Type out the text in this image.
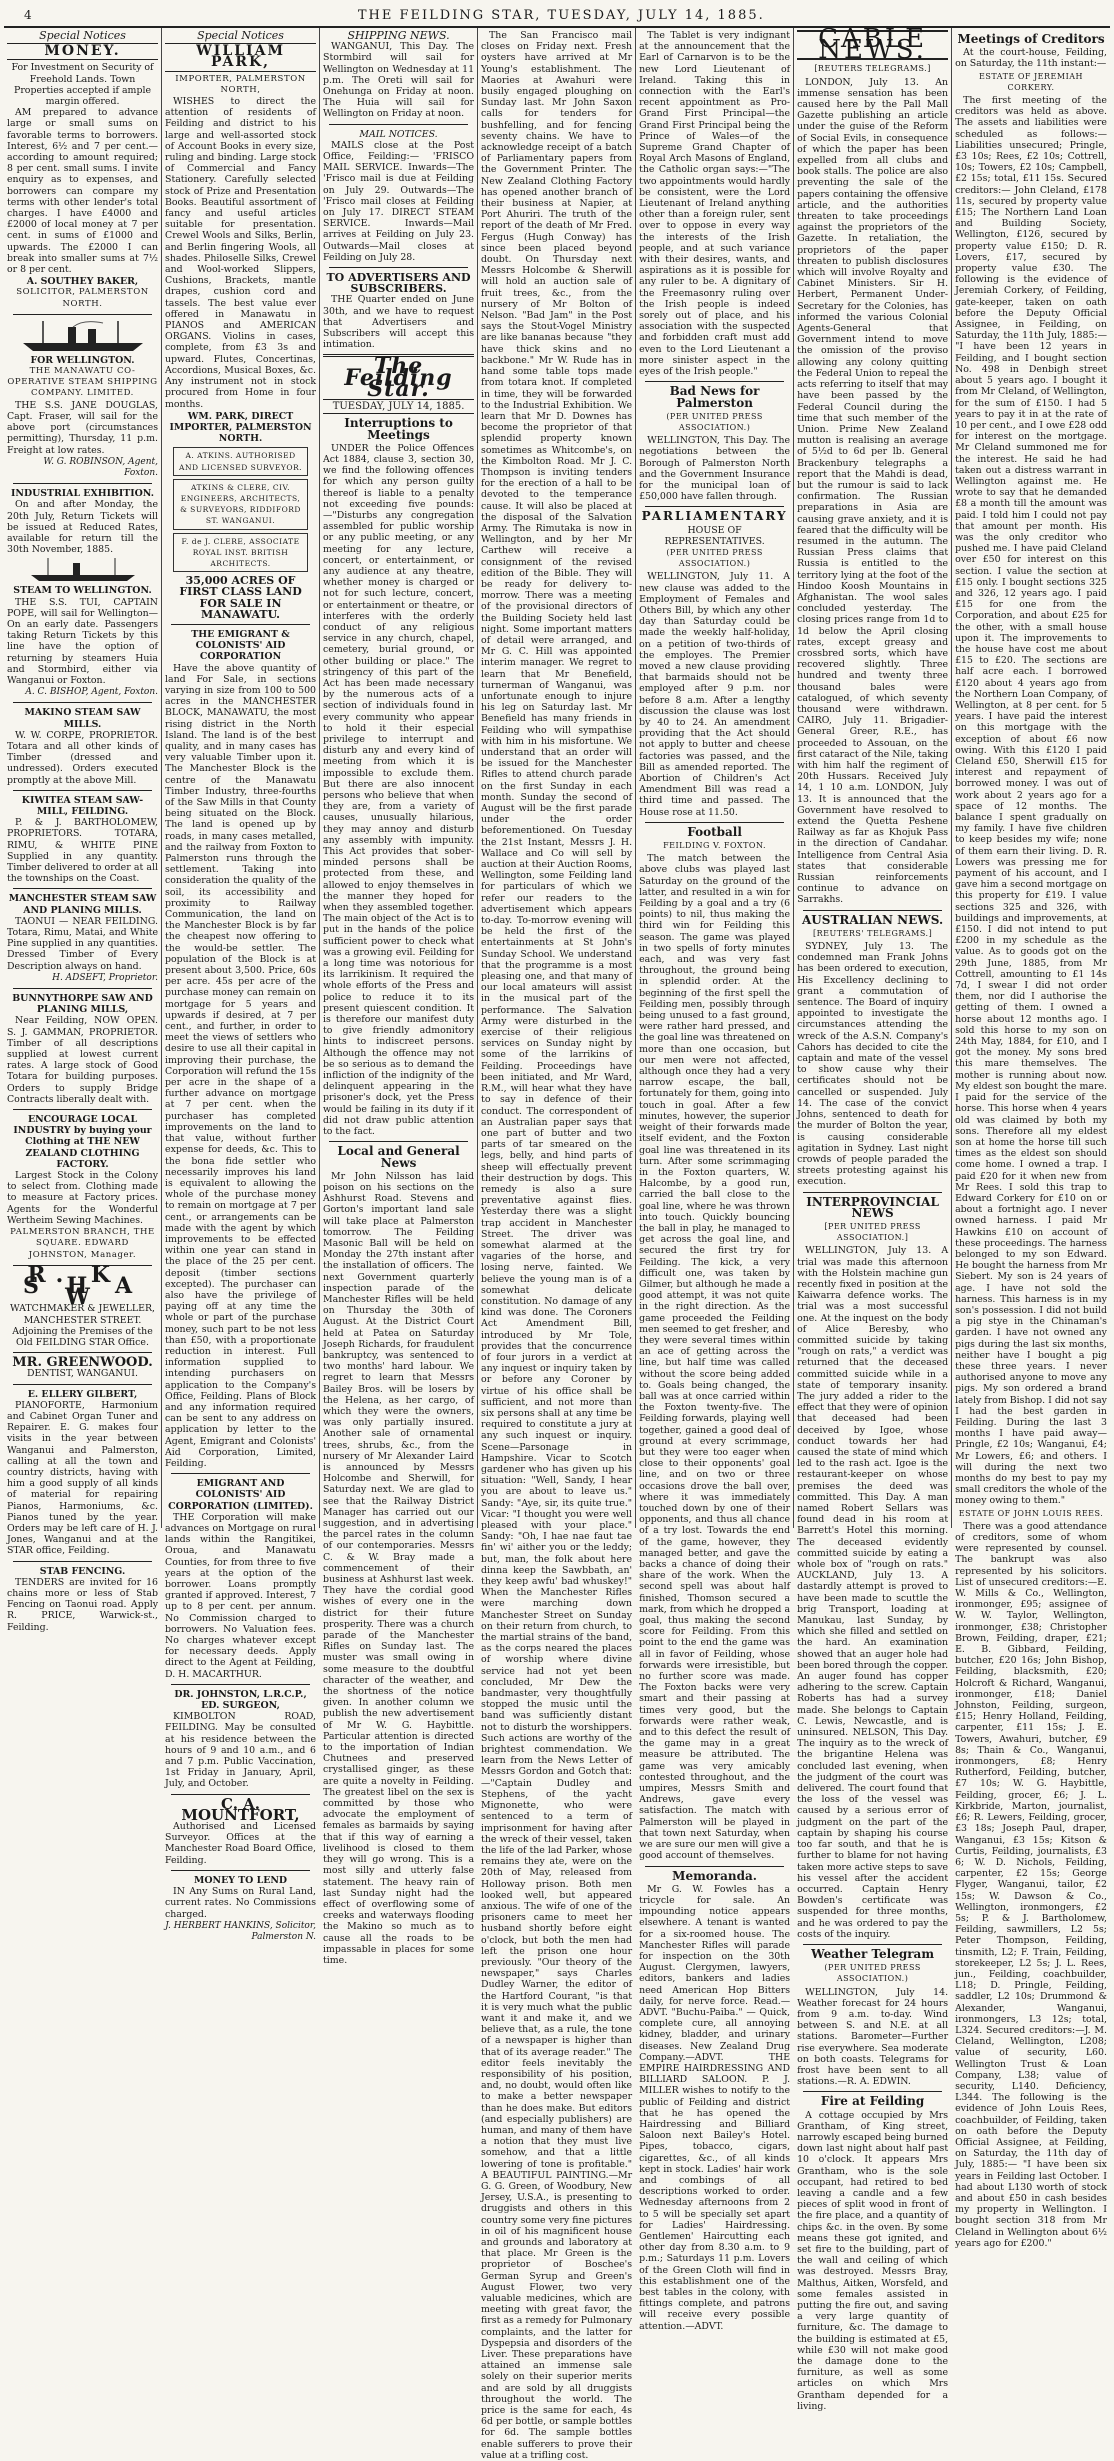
4	THE FEILDING STAR, TUESDAY, JULY 14, 1885.
Special Notices
MONEY.
For Investment on Security of Freehold Lands. Town Properties accepted if ample margin offered.
AM prepared to advance large or small sums on favorable terms to borrowers. Interest, 6½ and 7 per cent.—according to amount required; 8 per cent. small sums. I invite enquiry as to expenses, and borrowers can compare my terms with other lender's total charges. I have £4000 and £2000 of local money at 7 per cent. in sums of £1000 and upwards. The £2000 I can break into smaller sums at 7½ or 8 per cent.
A. SOUTHEY BAKER,
SOLICITOR, PALMERSTON NORTH.
FOR WELLINGTON.
THE MANAWATU CO-OPERATIVE STEAM SHIPPING COMPANY. LIMITED.
THE S.S. JANE DOUGLAS, Capt. Fraser, will sail for the above port (circumstances permitting), Thursday, 11 p.m. Freight at low rates.
W. G. ROBINSON, Agent, Foxton.
INDUSTRIAL EXHIBITION.
On and after Monday, the 20th July, Return Tickets will be issued at Reduced Rates, available for return till the 30th November, 1885.
STEAM TO WELLINGTON.
THE S.S. TUI, CAPTAIN POPE, will sail for Wellington— On an early date. Passengers taking Return Tickets by this line have the option of returning by steamers Huia and Stormbird, either via Wanganui or Foxton.
A. C. BISHOP, Agent, Foxton.
MAKINO STEAM SAW MILLS.
W. W. CORPE, PROPRIETOR. Totara and all other kinds of Timber (dressed and undressed). Orders executed promptly at the above Mill.
KIWITEA STEAM SAW-MILL, FEILDING.
P. & J. BARTHOLOMEW, PROPRIETORS. TOTARA, RIMU, & WHITE PINE Supplied in any quantity. Timber delivered to order at all the townships on the Coast.
MANCHESTER STEAM SAW AND PLANING MILLS.
TAONUI — NEAR FEILDING. Totara, Rimu, Matai, and White Pine supplied in any quantities. Dressed Timber of Every Description always on hand.
H. ADSEFT, Proprietor.
BUNNYTHORPE SAW AND PLANING MILLS,
Near Feilding, NOW OPEN. S. J. GAMMAN, PROPRIETOR. Timber of all descriptions supplied at lowest current rates. A large stock of Good Totara for building purposes. Orders to supply Bridge Contracts liberally dealt with.
ENCOURAGE LOCAL INDUSTRY by buying your Clothing at THE NEW ZEALAND CLOTHING FACTORY.
Largest Stock in the Colony to select from. Clothing made to measure at Factory prices. Agents for the Wonderful Wertheim Sewing Machines.
PALMERSTON BRANCH, THE SQUARE. EDWARD JOHNSTON, Manager.
R. K. S H A W
WATCHMAKER & JEWELLER, MANCHESTER STREET. Adjoining the Premises of the Old FEILDING STAR Office.
MR. GREENWOOD.
DENTIST, WANGANUI.
E. ELLERY GILBERT,
PIANOFORTE, Harmonium and Cabinet Organ Tuner and Repairer. E. G. makes four visits in the year between Wanganui and Palmerston, calling at all the town and country districts, having with him a good supply of all kinds of material for repairing Pianos, Harmoniums, &c. Pianos tuned by the year. Orders may be left care of H. J. Jones, Wanganui and at the STAR office, Feilding.
STAB FENCING.
TENDERS are invited for 16 chains more or less of Stab Fencing on Taonui road. Apply R. PRICE, Warwick-st., Feilding.
Special Notices
WILLIAM PARK,
IMPORTER, PALMERSTON NORTH,
WISHES to direct the attention of residents of Feilding and district to his large and well-assorted stock of Account Books in every size, ruling and binding. Large stock of Commercial and Fancy Stationery. Carefully selected stock of Prize and Presentation Books. Beautiful assortment of fancy and useful articles suitable for presentation. Crewel Wools and Silks, Berlin, and Berlin fingering Wools, all shades. Philoselle Silks, Crewel and Wool-worked Slippers, Cushions, Brackets, mantle drapes, cushion cord and tassels. The best value ever offered in Manawatu in PIANOS and AMERICAN ORGANS. Violins in cases, complete, from £3 3s and upward. Flutes, Concertinas, Accordions, Musical Boxes, &c. Any instrument not in stock procured from Home in four months.
WM. PARK, DIRECT IMPORTER, PALMERSTON NORTH.
A. ATKINS. AUTHORISED AND LICENSED SURVEYOR.
ATKINS & CLERE, CIV. ENGINEERS, ARCHITECTS, & SURVEYORS, RIDDIFORD ST. WANGANUI.
F. de J. CLERE, ASSOCIATE ROYAL INST. BRITISH ARCHITECTS.
35,000 ACRES OF FIRST CLASS LAND FOR SALE IN MANAWATU.
THE EMIGRANT & COLONISTS' AID CORPORATION
Have the above quantity of land For Sale, in sections varying in size from 100 to 500 acres in the MANCHESTER BLOCK, MANAWATU, the most rising district in the North Island. The land is of the best quality, and in many cases has very valuable Timber upon it. The Manchester Block is the centre of the Manawatu Timber Industry, three-fourths of the Saw Mills in that County being situated on the Block. The land is opened up by roads, in many cases metalled, and the railway from Foxton to Palmerston runs through the settlement. Taking into consideration the quality of the soil, its accessibility and proximity to Railway Communication, the land on the Manchester Block is by far the cheapest now offering to the would-be settler. The population of the Block is at present about 3,500. Price, 60s per acre. 45s per acre of the purchase money can remain on mortgage for 5 years and upwards if desired, at 7 per cent., and further, in order to meet the views of settlers who desire to use all their capital in improving their purchase, the Corporation will refund the 15s per acre in the shape of a further advance on mortgage at 7 per cent. when the purchaser has completed improvements on the land to that value, without further expense for deeds, &c. This to the bona fide settler who necessarily improves his land is equivalent to allowing the whole of the purchase money to remain on mortgage at 7 per cent., or arrangements can be made with the agent by which improvements to be effected within one year can stand in the place of the 25 per cent. deposit (timber sections excepted). The purchaser can also have the privilege of paying off at any time the whole or part of the purchase money, such part to be not less than £50, with a proportionate reduction in interest. Full information supplied to intending purchasers on application to the Company's Office, Feilding. Plans of Block and any information required can be sent to any address on application by letter to the Agent, Emigrant and Colonists' Aid Corporation, Limited, Feilding.
EMIGRANT AND COLONISTS' AID CORPORATION (LIMITED).
THE Corporation will make advances on Mortgage on rural lands within the Rangitikei, Oroua, and Manawatu Counties, for from three to five years at the option of the borrower. Loans promptly granted if approved. Interest, 7 up to 8 per cent. per annum. No Commission charged to borrowers. No Valuation fees. No charges whatever except for necessary deeds. Apply direct to the Agent at Feilding, D. H. MACARTHUR.
DR. JOHNSTON, L.R.C.P., ED. SURGEON,
KIMBOLTON ROAD, FEILDING. May be consulted at his residence between the hours of 9 and 10 a.m., and 6 and 7 p.m. Public Vaccination, 1st Friday in January, April, July, and October.
C. A. MOUNTFORT,
Authorised and Licensed Surveyor. Offices at the Manchester Road Board Office, Feilding.
MONEY TO LEND
IN Any Sums on Rural Land, current rates. No Commissions charged.
J. HERBERT HANKINS, Solicitor, Palmerston N.
SHIPPING NEWS.
WANGANUI, This Day. The Stormbird will sail for Wellington on Wednesday at 11 p.m. The Oreti will sail for Onehunga on Friday at noon. The Huia will sail for Wellington on Friday at noon.
MAIL NOTICES.
MAILS close at the Post Office, Feilding:— 'FRISCO MAIL SERVICE. Inwards—The 'Frisco mail is due at Feilding on July 29. Outwards—The 'Frisco mail closes at Feilding on July 17. DIRECT STEAM SERVICE. Inwards—Mail arrives at Feilding on July 23. Outwards—Mail closes at Feilding on July 28.
TO ADVERTISERS AND SUBSCRIBERS.
THE Quarter ended on June 30th, and we have to request that Advertisers and Subscribers will accept this intimation.
The Feilding Star.
TUESDAY, JULY 14, 1885.
Interruptions to Meetings
UNDER the Police Offences Act 1884, clause 3, section 30, we find the following offences for which any person guilty thereof is liable to a penalty not exceeding five pounds:—"Disturbs any congregation assembled for public worship or any public meeting, or any meeting for any lecture, concert, or entertainment, or any audience at any theatre, whether money is charged or not for such lecture, concert, or entertainment or theatre, or interferes with the orderly conduct of any religious service in any church, chapel, cemetery, burial ground, or other building or place." The stringency of this part of the Act has been made necessary by the numerous acts of a section of individuals found in every community who appear to hold it their especial privilege to interrupt and disturb any and every kind of meeting from which it is impossible to exclude them. But there are also innocent persons who believe that when they are, from a variety of causes, unusually hilarious, they may annoy and disturb any assembly with impunity. This Act provides that sober-minded persons shall be protected from these, and allowed to enjoy themselves in the manner they hoped for when they assembled together. The main object of the Act is to put in the hands of the police sufficient power to check what was a growing evil. Feilding for a long time was notorious for its larrikinism. It required the whole efforts of the Press and police to reduce it to its present quiescent condition. It is therefore our manifest duty to give friendly admonitory hints to indiscreet persons. Although the offence may not be so serious as to demand the infliction of the indignity of the delinquent appearing in the prisoner's dock, yet the Press would be failing in its duty if it did not draw public attention to the fact.
Local and General News
Mr John Nilsson has laid poison on his sections on the Ashhurst Road. Stevens and Gorton's important land sale will take place at Palmerston tomorrow. The Feilding Masonic Ball will be held on Monday the 27th instant after the installation of officers. The next Government quarterly inspection parade of the Manchester Rifles will be held on Thursday the 30th of August. At the District Court held at Patea on Saturday Joseph Richards, for fraudulent bankruptcy, was sentenced to two months' hard labour. We regret to learn that Messrs Bailey Bros. will be losers by the Helena, as her cargo, of which they were the owners, was only partially insured. Another sale of ornamental trees, shrubs, &c., from the nursery of Mr Alexander Laird is announced by Messrs Holcombe and Sherwill, for Saturday next. We are glad to see that the Railway District Manager has carried out our suggestion, and in advertising the parcel rates in the column of our contemporaries. Messrs C. & W. Bray made a commencement of their business at Ashhurst last week. They have the cordial good wishes of every one in the district for their future prosperity. There was a church parade of the Manchester Rifles on Sunday last. The muster was small owing in some measure to the doubtful character of the weather, and the shortness of the notice given. In another column we publish the new advertisement of Mr W. G. Haybittle. Particular attention is directed to the importation of Indian Chutnees and preserved crystallised ginger, as these are quite a novelty in Feilding. The greatest libel on the sex is committed by those who advocate the employment of females as barmaids by saying that if this way of earning a livelihood is closed to them they will go wrong. This is a most silly and utterly false statement. The heavy rain of last Sunday night had the effect of overflowing some of creeks and waterways flooding the Makino so much as to cause all the roads to be impassable in places for some time.
The San Francisco mail closes on Friday next. Fresh oysters have arrived at Mr Young's establishment. The Maories at Awahuri were busily engaged ploughing on Sunday last. Mr John Saxon calls for tenders for bushfelling, and for fencing seventy chains. We have to acknowledge receipt of a batch of Parliamentary papers from the Government Printer. The New Zealand Clothing Factory has opened another branch of their business at Napier, at Port Ahuriri. The truth of the report of the death of Mr Fred. Fergus (Hugh Conway) has since been placed beyond doubt. On Thursday next Messrs Holcombe & Sherwill will hold an auction sale of fruit trees, &c., from the nursery of Mr Bolton of Nelson. "Bad Jam" in the Post says the Stout-Vogel Ministry are like bananas because "they have thick skins and no backbone." Mr W. Rude has in hand some table tops made from totara knot. If completed in time, they will be forwarded to the Industrial Exhibition. We learn that Mr D. Downes has become the proprietor of that splendid property known sometimes as Whitcombe's, on the Kimbolton Road. Mr J. C. Thompson is inviting tenders for the erection of a hall to be devoted to the temperance cause. It will also be placed at the disposal of the Salvation Army. The Rimutaka is now in Wellington, and by her Mr Carthew will receive a consignment of the revised edition of the Bible. They will be ready for delivery to-morrow. There was a meeting of the provisional directors of the Building Society held last night. Some important matters of detail were arranged, and Mr G. C. Hill was appointed interim manager. We regret to learn that Mr Benefield, turnerman of Wanganui, was unfortunate enough to injure his leg on Saturday last. Mr Benefield has many friends in Feilding who will sympathise with him in his misfortune. We understand that an order will be issued for the Manchester Rifles to attend church parade on the first Sunday in each month. Sunday the second of August will be the first parade under the order beforementioned. On Tuesday the 21st Instant, Messrs J. H. Wallace and Co will sell by auction at their Auction Rooms, Wellington, some Feilding land for particulars of which we refer our readers to the advertisement which appears to-day. To-morrow evening will be held the first of the entertainments at St John's Sunday School. We understand that the programme is a most pleasing one, and that many of our local amateurs will assist in the musical part of the performance. The Salvation Army were disturbed in the exercise of their religious services on Sunday night by some of the larrikins of Feilding. Proceedings have been initiated, and Mr Ward, R.M., will hear what they have to say in defence of their conduct. The correspondent of an Australian paper says that one part of butter and two parts of tar smeared on the legs, belly, and hind parts of sheep will effectually prevent their destruction by dogs. This remedy is also a sure preventative against flies. Yesterday there was a slight trap accident in Manchester Street. The driver was somewhat alarmed at the vagaries of the horse, and losing nerve, fainted. We believe the young man is of a somewhat delicate constitution. No damage of any kind was done. The Coroners Act Amendment Bill, introduced by Mr Tole, provides that the concurrence of four jurors in a verdict at any inquest or inquiry taken by or before any Coroner by virtue of his office shall be sufficient, and not more than six persons shall at any time be required to constitute a jury at any such inquest or inquiry. Scene—Parsonage in Hampshire. Vicar to Scotch gardener who has given up his situation: "Well, Sandy, I hear you are about to leave us." Sandy: "Aye, sir, its quite true." Vicar: "I thought you were well pleased with your place." Sandy: "Oh, I hae nae faut tae fin' wi' aither you or the leddy; but, man, the folk about here dinna keep the Sawbbath, an' they keep awfu' bad whuskey!" When the Manchester Rifles were marching down Manchester Street on Sunday on their return from church, to the martial strains of the band, as the corps neared the places of worship where divine service had not yet been concluded, Mr Dew the bandmaster, very thoughtfully stopped the music until the band was sufficiently distant not to disturb the worshippers. Such actions are worthy of the brightest commendation. We learn from the News Letter of Messrs Gordon and Gotch that:—"Captain Dudley and Stephens, of the yacht Mignonette, who were sentenced to a term of imprisonment for having after the wreck of their vessel, taken the life of the lad Parker, whose remains they ate, were on the 20th of May, released from Holloway prison. Both men looked well, but appeared anxious. The wife of one of the prisoners came to meet her husband shortly before eight o'clock, but both the men had left the prison one hour previously. "Our theory of the newspaper," says Charles Dudley Warner, the editor of the Hartford Courant, "is that it is very much what the public want it and make it, and we believe that, as a rule, the tone of a newspaper is higher than that of its average reader." The editor feels inevitably the responsibility of his position, and, no doubt, would often like to make a better newspaper than he does make. But editors (and especially publishers) are human, and many of them have a notion that they must live somehow, and that a little lowering of tone is profitable." A BEAUTIFUL PAINTING.—Mr G. G. Green, of Woodbury, New Jersey, U.S.A., is presenting to druggists and others in this country some very fine pictures in oil of his magnificent house and grounds and laboratory at that place. Mr Green is the proprietor of Boschee's German Syrup and Green's August Flower, two very valuable medicines, which are meeting with great favor, the first as a remedy for Pulmonary complaints, and the latter for Dyspepsia and disorders of the Liver. These preparations have attained an immense sale solely on their superior merits and are sold by all druggists throughout the world. The price is the same for each, 4s 6d per bottle, or sample bottles for 6d. The sample bottles enable sufferers to prove their value at a trifling cost.
The Tablet is very indignant at the announcement that the Earl of Carnarvon is to be the new Lord Lieutenant of Ireland. Taking this in connection with the Earl's recent appointment as Pro-Grand First Principal—the Grand First Principal being the Prince of Wales—of the Supreme Grand Chapter of Royal Arch Masons of England, the Catholic organ says:—"The two appointments would hardly be consistent, were the Lord Lieutenant of Ireland anything other than a foreign ruler, sent over to oppose in every way the interests of the Irish people, and at such variance with their desires, wants, and aspirations as it is possible for any ruler to be. A dignitary of the Freemasonry ruling over the Irish people is indeed sorely out of place, and his association with the suspected and forbidden craft must add even to the Lord Lieutenant a more sinister aspect in the eyes of the Irish people."
Bad News for Palmerston
(PER UNITED PRESS ASSOCIATION.)
WELLINGTON, This Day. The negotiations between the Borough of Palmerston North and the Government Insurance for the municipal loan of £50,000 have fallen through.
PARLIAMENTARY
HOUSE OF REPRESENTATIVES.
(PER UNITED PRESS ASSOCIATION.)
WELLINGTON, July 11. A new clause was added to the Employment of Females and Others Bill, by which any other day than Saturday could be made the weekly half-holiday, on a petition of two-thirds of the employes. The Premier moved a new clause providing that barmaids should not be employed after 9 p.m. nor before 8 a.m. After a lengthy discussion the clause was lost by 40 to 24. An amendment providing that the Act should not apply to butter and cheese factories was passed, and the Bill as amended reported. The Abortion of Children's Act Amendment Bill was read a third time and passed. The House rose at 11.50.
Football
FEILDING V. FOXTON.
The match between the above clubs was played last Saturday on the ground of the latter, and resulted in a win for Feilding by a goal and a try (6 points) to nil, thus making the third win for Feilding this season. The game was played in two spells of forty minutes each, and was very fast throughout, the ground being in splendid order. At the beginning of the first spell the Feilding men, possibly through being unused to a fast ground, were rather hard pressed, and the goal line was threatened on more than one occasion, but our men were not affected, although once they had a very narrow escape, the ball, fortunately for them, going into touch in goal. After a few minutes, however, the superior weight of their forwards made itself evident, and the Foxton goal line was threatened in its turn. After some scrimmaging in the Foxton quarters, W. Halcombe, by a good run, carried the ball close to the goal line, where he was thrown into touch. Quickly bouncing the ball in play, he managed to get across the goal line, and secured the first try for Feilding. The kick, a very difficult one, was taken by Gilmer, but although he made a good attempt, it was not quite in the right direction. As the game proceeded the Feilding men seemed to get fresher, and they were several times within an ace of getting across the line, but half time was called without the score being added to. Goals being changed, the ball was at once carried within the Foxton twenty-five. The Feilding forwards, playing well together, gained a good deal of ground at every scrimmage, but they were too eager when close to their opponents' goal line, and on two or three occasions drove the ball over, where it was immediately touched down by one of their opponents, and thus all chance of a try lost. Towards the end of the game, however, they managed better, and gave the backs a chance of doing their share of the work. When the second spell was about half finished, Thomson secured a mark, from which he dropped a goal, thus making the second score for Feilding. From this point to the end the game was all in favor of Feilding, whose forwards were irresistible, but no further score was made. The Foxton backs were very smart and their passing at times very good, but the forwards were rather weak, and to this defect the result of the game may in a great measure be attributed. The game was very amicably contested throughout, and the umpires, Messrs Smith and Andrews, gave every satisfaction. The match with Palmerston will be played in that town next Saturday, when we are sure our men will give a good account of themselves.
Memoranda.
Mr G. W. Fowles has a tricycle for sale. An impounding notice appears elsewhere. A tenant is wanted for a six-roomed house. The Manchester Rifles will parade for inspection on the 30th August. Clergymen, lawyers, editors, bankers and ladies need American Hop Bitters daily, for nerve force. Read.—ADVT. "Buchu-Paiba." — Quick, complete cure, all annoying kidney, bladder, and urinary diseases. New Zealand Drug Company.—ADVT. THE EMPIRE HAIRDRESSING AND BILLIARD SALOON. P. J. MILLER wishes to notify to the public of Feilding and district that he has opened the Hairdressing and Billiard Saloon next Bailey's Hotel. Pipes, tobacco, cigars, cigarettes, &c., of all kinds kept in stock. Ladies' hair work and combings of all descriptions worked to order. Wednesday afternoons from 2 to 5 will be specially set apart for Ladies' Hairdressing. Gentlemen' Haircutting each other day from 8.30 a.m. to 9 p.m.; Saturdays 11 p.m. Lovers of the Green Cloth will find in this establishment one of the best tables in the colony, with fittings complete, and patrons will receive every possible attention.—ADVT.
CABLE NEWS.
[REUTERS TELEGRAMS.]
LONDON, July 13. An immense sensation has been caused here by the Pall Mall Gazette publishing an article under the guise of the Reform of Social Evils, in consequence of which the paper has been expelled from all clubs and book stalls. The police are also preventing the sale of the papers containing the offensive article, and the authorities threaten to take proceedings against the proprietors of the Gazette. In retaliation, the proprietors of the paper threaten to publish disclosures which will involve Royalty and Cabinet Ministers. Sir H. Herbert, Permanent Under-Secretary for the Colonies, has informed the various Colonial Agents-General that Government intend to move the omission of the proviso allowing any colony quitting the Federal Union to repeal the acts referring to itself that may have been passed by the Federal Council during the time that such member of the Union. Prime New Zealand mutton is realising an average of 5½d to 6d per lb. General Brackenbury telegraphs a report that the Mahdi is dead, but the rumour is said to lack confirmation. The Russian preparations in Asia are causing grave anxiety, and it is feared that the difficulty will be resumed in the autumn. The Russian Press claims that Russia is entitled to the territory lying at the foot of the Hindoo Koosh Mountains in Afghanistan. The wool sales concluded yesterday. The closing prices range from 1d to 1d below the April closing rates, except greasy and crossbred sorts, which have recovered slightly. Three hundred and twenty three thousand bales were catalogued, of which seventy thousand were withdrawn. CAIRO, July 11. Brigadier-General Greer, R.E., has proceeded to Assouan, on the first cataract of the Nile, taking with him half the regiment of 20th Hussars. Received July 14, 1 10 a.m. LONDON, July 13. It is announced that the Government have resolved to extend the Quetta Peshene Railway as far as Khojuk Pass in the direction of Candahar. Intelligence from Central Asia states that considerable Russian reinforcements continue to advance on Sarrakhs.
AUSTRALIAN NEWS.
[REUTERS' TELEGRAMS.]
SYDNEY, July 13. The condemned man Frank Johns has been ordered to execution, His Excellency declining to grant a commutation of sentence. The Board of inquiry appointed to investigate the circumstances attending the wreck of the A.S.N. Company's Cahors has decided to cite the captain and mate of the vessel to show cause why their certificates should not be cancelled or suspended. July 14. The case of the convict Johns, sentenced to death for the murder of Bolton the year, is causing considerable agitation in Sydney. Last night crowds of people paraded the streets protesting against his execution.
INTERPROVINCIAL NEWS
[PER UNITED PRESS ASSOCIATION.]
WELLINGTON, July 13. A trial was made this afternoon with the Holstein machine gun recently fixed in position at the Kaiwarra defence works. The trial was a most successful one. At the inquest on the body of Alice Beresby, who committed suicide by taking "rough on rats," a verdict was returned that the deceased committed suicide while in a state of temporary insanity. The jury added a rider to the effect that they were of opinion that deceased had been deceived by Igoe, whose conduct towards her had caused the state of mind which led to the rash act. Igoe is the restaurant-keeper on whose premises the deed was committed. This Day. A man named Robert Sellars was found dead in his room at Barrett's Hotel this morning. The deceased evidently committed suicide by eating a whole box of "rough on rats." AUCKLAND, July 13. A dastardly attempt is proved to have been made to scuttle the brig Transport, loading at Manukau, last Sunday, by which she filled and settled on the hard. An examination showed that an auger hole had been bored through the copper. An auger found has copper adhering to the screw. Captain Roberts has had a survey made. She belongs to Captain C. Lewis, Newcastle, and is uninsured. NELSON, This Day. The inquiry as to the wreck of the brigantine Helena was concluded last evening, when the judgment of the court was delivered. The court found that the loss of the vessel was caused by a serious error of judgment on the part of the captain by shaping his course too far south, and that he is further to blame for not having taken more active steps to save his vessel after the accident occurred. Captain Henry Bowden's certificate was suspended for three months, and he was ordered to pay the costs of the inquiry.
Weather Telegram
(PER UNITED PRESS ASSOCIATION.)
WELLINGTON, July 14. Weather forecast for 24 hours from 9 a.m. to-day. Wind between S. and N.E. at all stations. Barometer—Further rise everywhere. Sea moderate on both coasts. Telegrams for frost have been sent to all stations.—R. A. EDWIN.
Fire at Feilding
A cottage occupied by Mrs Grantham, of King street, narrowly escaped being burned down last night about half past 10 o'clock. It appears Mrs Grantham, who is the sole occupant, had retired to bed leaving a candle and a few pieces of split wood in front of the fire place, and a quantity of chips &c. in the oven. By some means these got ignited, and set fire to the building, part of the wall and ceiling of which was destroyed. Messrs Bray, Malthus, Aitken, Worsfeld, and some females assisted in putting the fire out, and saving a very large quantity of furniture, &c. The damage to the building is estimated at £5, while £30 will not make good the damage done to the furniture, as well as some articles on which Mrs Grantham depended for a living.
Meetings of Creditors
At the court-house, Feilding, on Saturday, the 11th instant:—
ESTATE OF JEREMIAH CORKERY.
The first meeting of the creditors was held as above. The assets and liabilities were scheduled as follows:— Liabilities unsecured; Pringle, £3 10s; Rees, £2 10s; Cottrell, 10s; Towers, £2 10s; Campbell, £2 15s; total, £11 15s. Secured creditors:— John Cleland, £178 11s, secured by property value £15; The Northern Land Loan and Building Society, Wellington, £126, secured by property value £150; D. R. Lovers, £17, secured by property value £30. The following is the evidence of Jeremiah Corkery, of Feilding, gate-keeper, taken on oath before the Deputy Official Assignee, in Feilding, on Saturday, the 11th July, 1885:— "I have been 12 years in Feilding, and I bought section No. 498 in Denbigh street about 5 years ago. I bought it from Mr Cleland, of Wellington, for the sum of £150. I had 5 years to pay it in at the rate of 10 per cent., and I owe £28 odd for interest on the mortgage. Mr Cleland summoned me for the interest. He said he had taken out a distress warrant in Wellington against me. He wrote to say that he demanded £8 a month till the amount was paid. I told him I could not pay that amount per month. His was the only creditor who pushed me. I have paid Cleland over £50 for interest on this section. I value the section at £15 only. I bought sections 325 and 326, 12 years ago. I paid £15 for one from the Corporation, and about £25 for the other, with a small house upon it. The improvements to the house have cost me about £15 to £20. The sections are half acre each. I borrowed £120 about 4 years ago from the Northern Loan Company, of Wellington, at 8 per cent. for 5 years. I have paid the interest on this mortgage with the exception of about £6 now owing. With this £120 I paid Cleland £50, Sherwill £15 for interest and repayment of borrowed money. I was out of work about 2 years ago for a space of 12 months. The balance I spent gradually on my family. I have five children to keep besides my wife; none of them earn their living. D. R. Lowers was pressing me for payment of his account, and I gave him a second mortgage on this property for £19. I value sections 325 and 326, with buildings and improvements, at £150. I did not intend to put £200 in my schedule as the value. As to goods got on the 29th June, 1885, from Mr Cottrell, amounting to £1 14s 7d, I swear I did not order them, nor did I authorise the getting of them. I owned a horse about 12 months ago. I sold this horse to my son on 24th May, 1884, for £10, and I got the money. My sons bred this mare themselves. The mother is running about now. My eldest son bought the mare. I paid for the service of the horse. This horse when 4 years old was claimed by both my sons. Therefore all my eldest son at home the horse till such times as the eldest son should come home. I owned a trap. I paid £20 for it when new from Mr Rees. I sold this trap to Edward Corkery for £10 on or about a fortnight ago. I never owned harness. I paid Mr Hawkins £10 on account of these proceedings. The harness belonged to my son Edward. He bought the harness from Mr Siebert. My son is 24 years of age. I have not sold the harness. This harness is in my son's possession. I did not build a pig stye in the Chinaman's garden. I have not owned any pigs during the last six months, neither have I bought a pig these three years. I never authorised anyone to move any pigs. My son ordered a brand lately from Bishop. I did not say I had the best garden in Feilding. During the last 3 months I have paid away—Pringle, £2 10s; Wanganui, £4; Mr Lowers, £6; and others. I will during the next two months do my best to pay my small creditors the whole of the money owing to them."
ESTATE OF JOHN LOUIS REES.
There was a good attendance of creditors, some of whom were represented by counsel. The bankrupt was also represented by his solicitors. List of unsecured creditors:—E. W. Mills & Co., Wellington, ironmonger, £95; assignee of W. W. Taylor, Wellington, ironmonger, £38; Christopher Brown, Feilding, draper, £21; E. B. Gibbard, Feilding, butcher, £20 16s; John Bishop, Feilding, blacksmith, £20; Holcroft & Richard, Wanganui, ironmonger, £18; Daniel Johnston, Feilding, surgeon, £15; Henry Holland, Feilding, carpenter, £11 15s; J. E. Towers, Awahuri, butcher, £9 8s; Thain & Co., Wanganui, ironmongers, £8; Henry Rutherford, Feilding, butcher, £7 10s; W. G. Haybittle, Feilding, grocer, £6; J. L. Kirkbride, Marton, journalist, £6; R. Lewers, Feilding, grocer, £3 18s; Joseph Paul, draper, Wanganui, £3 15s; Kitson & Curtis, Feilding, journalists, £3 6; W. D. Nichols, Feilding, carpenter, £2 15s; George Flyger, Wanganui, tailor, £2 15s; W. Dawson & Co., Wellington, ironmongers, £2 5s; P. & J. Bartholomew, Feilding, sawmillers, L2 5s; Peter Thompson, Feilding, tinsmith, L2; F. Train, Feilding, storekeeper, L2 5s; J. L. Rees, jun., Feilding, coachbuilder, L18; D. Pringle, Feilding, saddler, L2 10s; Drummond & Alexander, Wanganui, ironmongers, L3 12s; total, L324. Secured creditors:—J. M. Cleland, Wellington, L208; value of security, L60. Wellington Trust & Loan Company, L38; value of security, L140. Deficiency, L344. The following is the evidence of John Louis Rees, coachbuilder, of Feilding, taken on oath before the Deputy Official Assignee, at Feilding, on Saturday, the 11th day of July, 1885:— "I have been six years in Feilding last October. I had about L130 worth of stock and about £50 in cash besides my property in Wellington. I bought section 318 from Mr Cleland in Wellington about 6½ years ago for £200."
